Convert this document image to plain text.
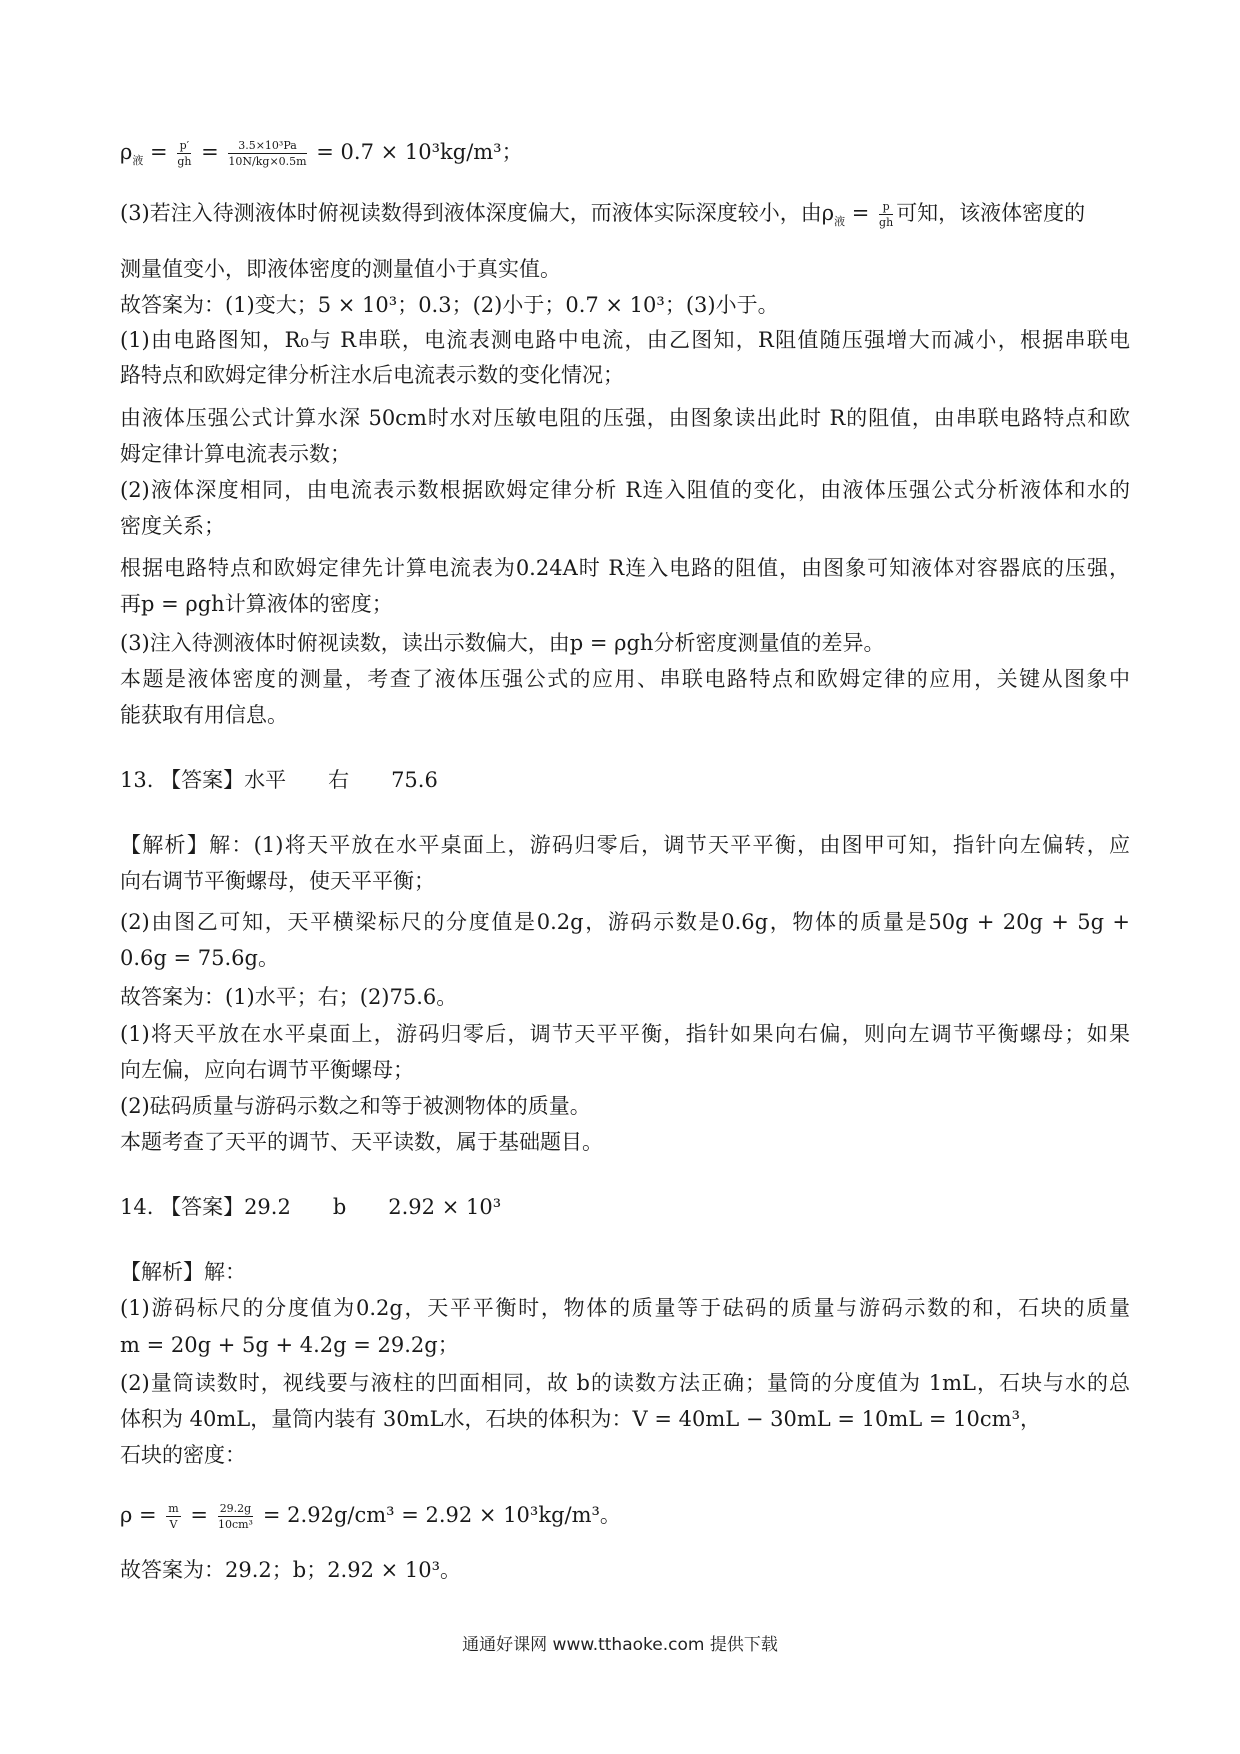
$\rho_液 = \frac{p'}{gh} = \frac{\text{3.5×10³Pa}}{10N/kg\times 0.5m} = 0.7 \times 10^3kg/m^3$；
(3)若注入待测液体时俯视读数得到液体深度偏大，而液体实际深度较小，由$\rho_液 = \frac{p}{gh}$ 可知，该液体密度的
测量值变小，即液体密度的测量值小于真实值。
故答案为：(1)变大；5 × 10³；0.3；(2)小于；0.7 × 10³；(3)小于。
(1)由电路图知，R₀与 R串联，电流表测电路中电流，由乙图知，R阻值随压强增大而减小，根据串联电
路特点和欧姆定律分析注水后电流表示数的变化情况；
由液体压强公式计算水深 50cm时水对压敏电阻的压强，由图象读出此时 R的阻值，由串联电路特点和欧
姆定律计算电流表示数；
(2)液体深度相同，由电流表示数根据欧姆定律分析 R连入阻值的变化，由液体压强公式分析液体和水的
密度关系；
根据电路特点和欧姆定律先计算电流表为0.24A时 R连入电路的阻值，由图象可知液体对容器底的压强，
再p = ρgh计算液体的密度；
(3)注入待测液体时俯视读数，读出示数偏大，由p = ρgh分析密度测量值的差异。
本题是液体密度的测量，考查了液体压强公式的应用、串联电路特点和欧姆定律的应用，关键从图象中
能获取有用信息。
13. 【答案】水平　　右　　75.6
【解析】解：(1)将天平放在水平桌面上，游码归零后，调节天平平衡，由图甲可知，指针向左偏转，应
向右调节平衡螺母，使天平平衡；
(2)由图乙可知，天平横梁标尺的分度值是0.2g，游码示数是0.6g，物体的质量是50g + 20g + 5g +
0.6g = 75.6g。
故答案为：(1)水平；右；(2)75.6。
(1)将天平放在水平桌面上，游码归零后，调节天平平衡，指针如果向右偏，则向左调节平衡螺母；如果
向左偏，应向右调节平衡螺母；
(2)砝码质量与游码示数之和等于被测物体的质量。
本题考查了天平的调节、天平读数，属于基础题目。
14. 【答案】29.2　　b　　2.92 × 10³
【解析】解：
(1)游码标尺的分度值为0.2g，天平平衡时，物体的质量等于砝码的质量与游码示数的和，石块的质量
m = 20g + 5g + 4.2g = 29.2g；
(2)量筒读数时，视线要与液柱的凹面相同，故 b的读数方法正确；量筒的分度值为 1mL，石块与水的总
体积为 40mL，量筒内装有 30mL水，石块的体积为：V = 40mL − 30mL = 10mL = 10cm³，
石块的密度：
$\rho = \frac{m}{V} = \frac{29.2g}{\text{10cm³}} = 2.92g/cm^3 = 2.92 \times 10^3kg/m^3$。
故答案为：29.2；b；2.92 × 10³。
通通好课网 www.tthaoke.com 提供下载
